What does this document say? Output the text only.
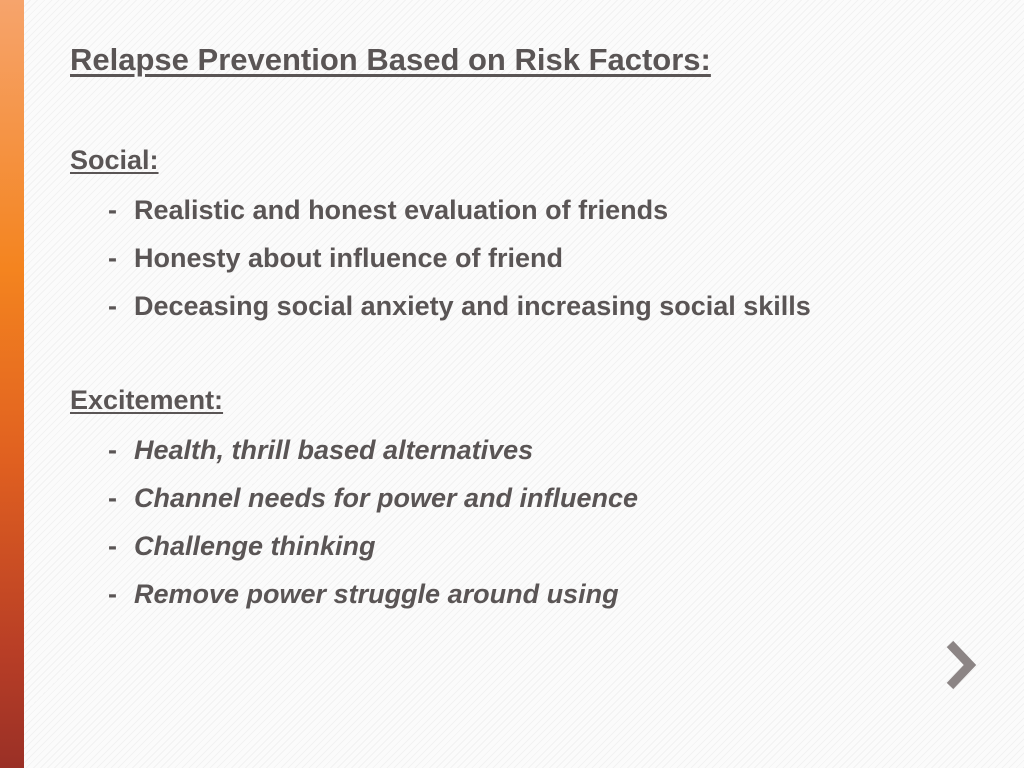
Relapse Prevention Based on Risk Factors:
Social:
- Realistic and honest evaluation of friends
- Honesty about influence of friend
- Deceasing social anxiety and increasing social skills
Excitement:
- Health, thrill based alternatives
- Channel needs for power and influence
- Challenge thinking
- Remove power struggle around using
